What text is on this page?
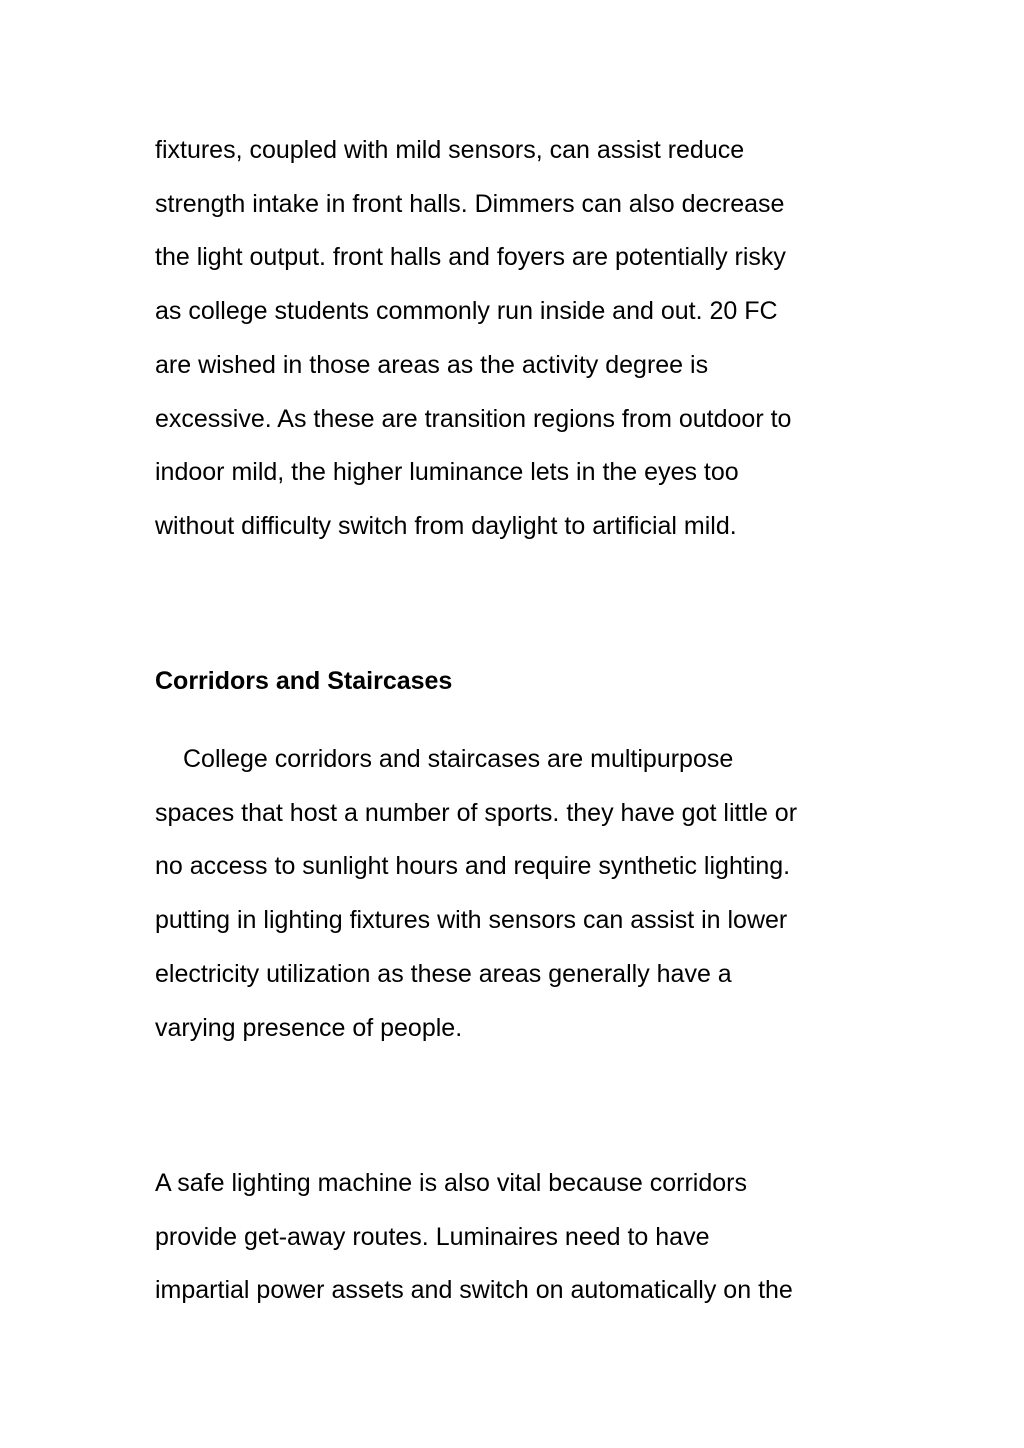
fixtures, coupled with mild sensors, can assist reduce
strength intake in front halls. Dimmers can also decrease
the light output. front halls and foyers are potentially risky
as college students commonly run inside and out. 20 FC
are wished in those areas as the activity degree is
excessive. As these are transition regions from outdoor to
indoor mild, the higher luminance lets in the eyes too
without difficulty switch from daylight to artificial mild.
Corridors and Staircases
College corridors and staircases are multipurpose
spaces that host a number of sports. they have got little or
no access to sunlight hours and require synthetic lighting.
putting in lighting fixtures with sensors can assist in lower
electricity utilization as these areas generally have a
varying presence of people.
A safe lighting machine is also vital because corridors
provide get-away routes. Luminaires need to have
impartial power assets and switch on automatically on the
